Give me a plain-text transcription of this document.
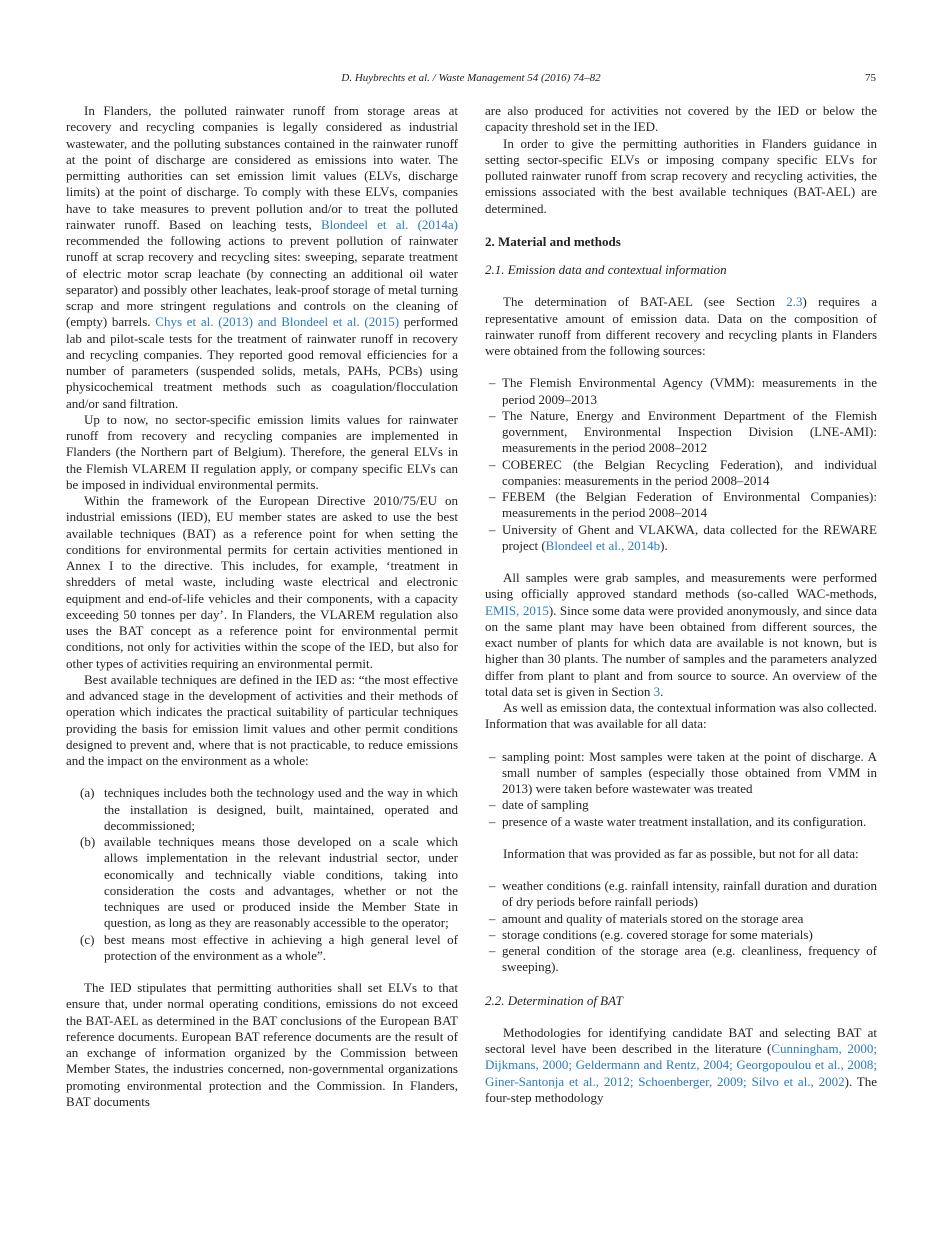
D. Huybrechts et al. / Waste Management 54 (2016) 74–82	75

In Flanders, the polluted rainwater runoff from storage areas at recovery and recycling companies is legally considered as industrial wastewater, and the polluting substances contained in the rainwater runoff at the point of discharge are considered as emissions into water. The permitting authorities can set emission limit values (ELVs, discharge limits) at the point of discharge. To comply with these ELVs, companies have to take measures to prevent pollution and/or to treat the polluted rainwater runoff. Based on leaching tests, Blondeel et al. (2014a) recommended the following actions to prevent pollution of rainwater runoff at scrap recovery and recycling sites: sweeping, separate treatment of electric motor scrap leachate (by connecting an additional oil water separator) and possibly other leachates, leak-proof storage of metal turning scrap and more stringent regulations and controls on the cleaning of (empty) barrels. Chys et al. (2013) and Blondeel et al. (2015) performed lab and pilot-scale tests for the treatment of rainwater runoff in recovery and recycling companies. They reported good removal efficiencies for a number of parameters (suspended solids, metals, PAHs, PCBs) using physicochemical treatment methods such as coagulation/flocculation and/or sand filtration.

Up to now, no sector-specific emission limits values for rainwater runoff from recovery and recycling companies are implemented in Flanders (the Northern part of Belgium). Therefore, the general ELVs in the Flemish VLAREM II regulation apply, or company specific ELVs can be imposed in individual environmental permits.

Within the framework of the European Directive 2010/75/EU on industrial emissions (IED), EU member states are asked to use the best available techniques (BAT) as a reference point for when setting the conditions for environmental permits for certain activities mentioned in Annex I to the directive. This includes, for example, ‘treatment in shredders of metal waste, including waste electrical and electronic equipment and end-of-life vehicles and their components, with a capacity exceeding 50 tonnes per day’. In Flanders, the VLAREM regulation also uses the BAT concept as a reference point for environmental permit conditions, not only for activities within the scope of the IED, but also for other types of activities requiring an environmental permit.

Best available techniques are defined in the IED as: “the most effective and advanced stage in the development of activities and their methods of operation which indicates the practical suitability of particular techniques providing the basis for emission limit values and other permit conditions designed to prevent and, where that is not practicable, to reduce emissions and the impact on the environment as a whole:

(a) techniques includes both the technology used and the way in which the installation is designed, built, maintained, operated and decommissioned;
(b) available techniques means those developed on a scale which allows implementation in the relevant industrial sector, under economically and technically viable conditions, taking into consideration the costs and advantages, whether or not the techniques are used or produced inside the Member State in question, as long as they are reasonably accessible to the operator;
(c) best means most effective in achieving a high general level of protection of the environment as a whole”.

The IED stipulates that permitting authorities shall set ELVs to that ensure that, under normal operating conditions, emissions do not exceed the BAT-AEL as determined in the BAT conclusions of the European BAT reference documents. European BAT reference documents are the result of an exchange of information organized by the Commission between Member States, the industries concerned, non-governmental organizations promoting environmental protection and the Commission. In Flanders, BAT documents

are also produced for activities not covered by the IED or below the capacity threshold set in the IED.

In order to give the permitting authorities in Flanders guidance in setting sector-specific ELVs or imposing company specific ELVs for polluted rainwater runoff from scrap recovery and recycling activities, the emissions associated with the best available techniques (BAT-AEL) are determined.

2. Material and methods
2.1. Emission data and contextual information

The determination of BAT-AEL (see Section 2.3) requires a representative amount of emission data. Data on the composition of rainwater runoff from different recovery and recycling plants in Flanders were obtained from the following sources:

– The Flemish Environmental Agency (VMM): measurements in the period 2009–2013
– The Nature, Energy and Environment Department of the Flemish government, Environmental Inspection Division (LNE-AMI): measurements in the period 2008–2012
– COBEREC (the Belgian Recycling Federation), and individual companies: measurements in the period 2008–2014
– FEBEM (the Belgian Federation of Environmental Companies): measurements in the period 2008–2014
– University of Ghent and VLAKWA, data collected for the REWARE project (Blondeel et al., 2014b).

All samples were grab samples, and measurements were performed using officially approved standard methods (so-called WAC-methods, EMIS, 2015). Since some data were provided anonymously, and since data on the same plant may have been obtained from different sources, the exact number of plants for which data are available is not known, but is higher than 30 plants. The number of samples and the parameters analyzed differ from plant to plant and from source to source. An overview of the total data set is given in Section 3.

As well as emission data, the contextual information was also collected. Information that was available for all data:

– sampling point: Most samples were taken at the point of discharge. A small number of samples (especially those obtained from VMM in 2013) were taken before wastewater was treated
– date of sampling
– presence of a waste water treatment installation, and its configuration.

Information that was provided as far as possible, but not for all data:

– weather conditions (e.g. rainfall intensity, rainfall duration and duration of dry periods before rainfall periods)
– amount and quality of materials stored on the storage area
– storage conditions (e.g. covered storage for some materials)
– general condition of the storage area (e.g. cleanliness, frequency of sweeping).
2.2. Determination of BAT

Methodologies for identifying candidate BAT and selecting BAT at sectoral level have been described in the literature (Cunningham, 2000; Dijkmans, 2000; Geldermann and Rentz, 2004; Georgopoulou et al., 2008; Giner-Santonja et al., 2012; Schoenberger, 2009; Silvo et al., 2002). The four-step methodology
